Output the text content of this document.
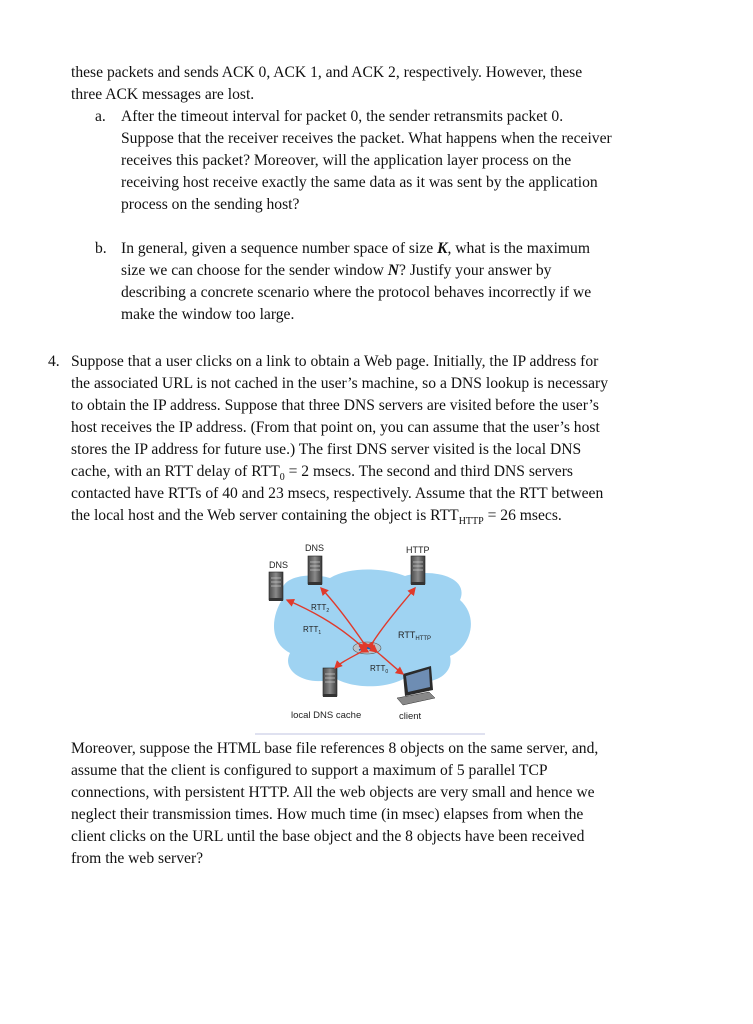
these packets and sends ACK 0, ACK 1, and ACK 2, respectively. However, these
three ACK messages are lost.
a. After the timeout interval for packet 0, the sender retransmits packet 0.
Suppose that the receiver receives the packet. What happens when the receiver
receives this packet? Moreover, will the application layer process on the
receiving host receive exactly the same data as it was sent by the application
process on the sending host?
b. In general, given a sequence number space of size K, what is the maximum
size we can choose for the sender window N? Justify your answer by
describing a concrete scenario where the protocol behaves incorrectly if we
make the window too large.
4. Suppose that a user clicks on a link to obtain a Web page. Initially, the IP address for
the associated URL is not cached in the user’s machine, so a DNS lookup is necessary
to obtain the IP address. Suppose that three DNS servers are visited before the user’s
host receives the IP address. (From that point on, you can assume that the user’s host
stores the IP address for future use.) The first DNS server visited is the local DNS
cache, with an RTT delay of $RTT_0 = 2$ msecs. The second and third DNS servers
contacted have RTTs of 40 and 23 msecs, respectively. Assume that the RTT between
the local host and the Web server containing the object is $RTT_{HTTP} = 26$ msecs.
DNS
DNS	HTTP
$RTT_2$
$RTT_1$	$RTT_{HTTP}$
$RTT_0$
local DNS cache	client
Moreover, suppose the HTML base file references 8 objects on the same server, and,
assume that the client is configured to support a maximum of 5 parallel TCP
connections, with persistent HTTP. All the web objects are very small and hence we
neglect their transmission times. How much time (in msec) elapses from when the
client clicks on the URL until the base object and the 8 objects have been received
from the web server?
